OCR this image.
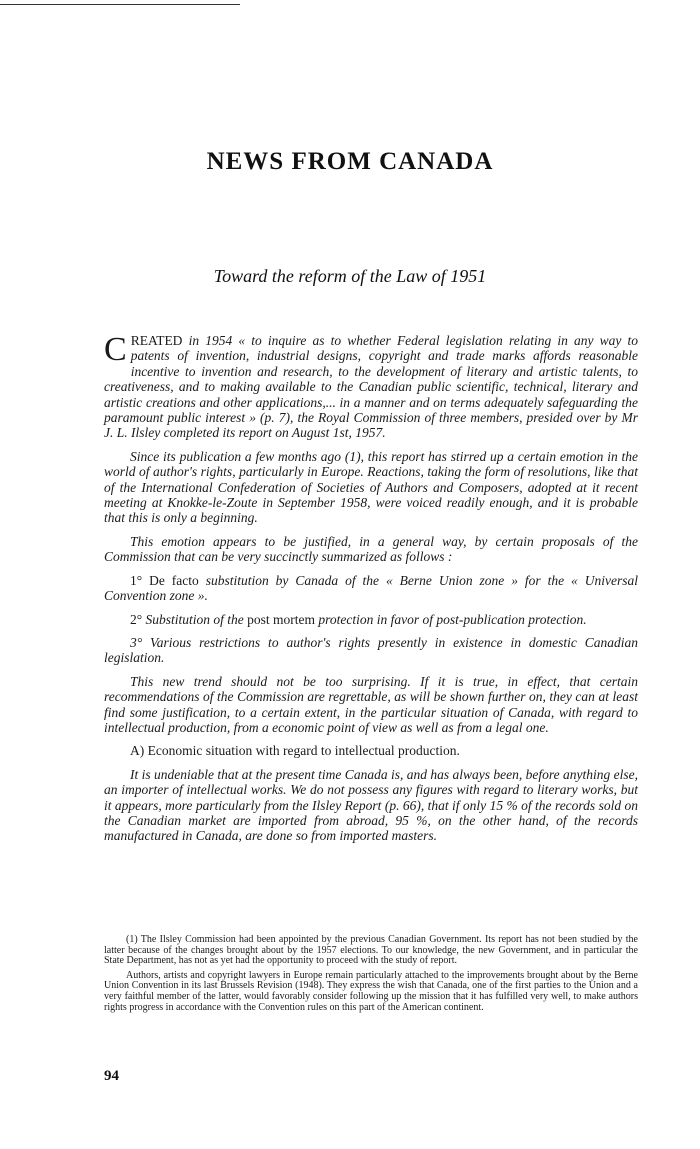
NEWS FROM CANADA
Toward the reform of the Law of 1951

CREATED in 1954 « to inquire as to whether Federal legislation relating in any way to patents of invention, industrial designs, copyright and trade marks affords reasonable incentive to invention and research, to the development of literary and artistic talents, to creativeness, and to making available to the Canadian public scientific, technical, literary and artistic creations and other applications,... in a manner and on terms adequately safeguarding the paramount public interest » (p. 7), the Royal Commission of three members, presided over by Mr J. L. Ilsley completed its report on August 1st, 1957.

Since its publication a few months ago (1), this report has stirred up a certain emotion in the world of author's rights, particularly in Europe. Reactions, taking the form of resolutions, like that of the International Confederation of Societies of Authors and Composers, adopted at it recent meeting at Knokke-le-Zoute in September 1958, were voiced readily enough, and it is probable that this is only a beginning.

This emotion appears to be justified, in a general way, by certain proposals of the Commission that can be very succinctly summarized as follows :

1° De facto substitution by Canada of the « Berne Union zone » for the « Universal Convention zone ».

2° Substitution of the post mortem protection in favor of post-publication protection.

3° Various restrictions to author's rights presently in existence in domestic Canadian legislation.

This new trend should not be too surprising. If it is true, in effect, that certain recommendations of the Commission are regrettable, as will be shown further on, they can at least find some justification, to a certain extent, in the particular situation of Canada, with regard to intellectual production, from a economic point of view as well as from a legal one.

A) Economic situation with regard to intellectual production.

It is undeniable that at the present time Canada is, and has always been, before anything else, an importer of intellectual works. We do not possess any figures with regard to literary works, but it appears, more particularly from the Ilsley Report (p. 66), that if only 15 % of the records sold on the Canadian market are imported from abroad, 95 %, on the other hand, of the records manufactured in Canada, are done so from imported masters.

(1) The Ilsley Commission had been appointed by the previous Canadian Government. Its report has not been studied by the latter because of the changes brought about by the 1957 elections. To our knowledge, the new Government, and in particular the State Department, has not as yet had the opportunity to proceed with the study of report.

Authors, artists and copyright lawyers in Europe remain particularly attached to the improvements brought about by the Berne Union Convention in its last Brussels Revision (1948). They express the wish that Canada, one of the first parties to the Union and a very faithful member of the latter, would favorably consider following up the mission that it has fulfilled very well, to make authors rights progress in accordance with the Convention rules on this part of the American continent.

94
